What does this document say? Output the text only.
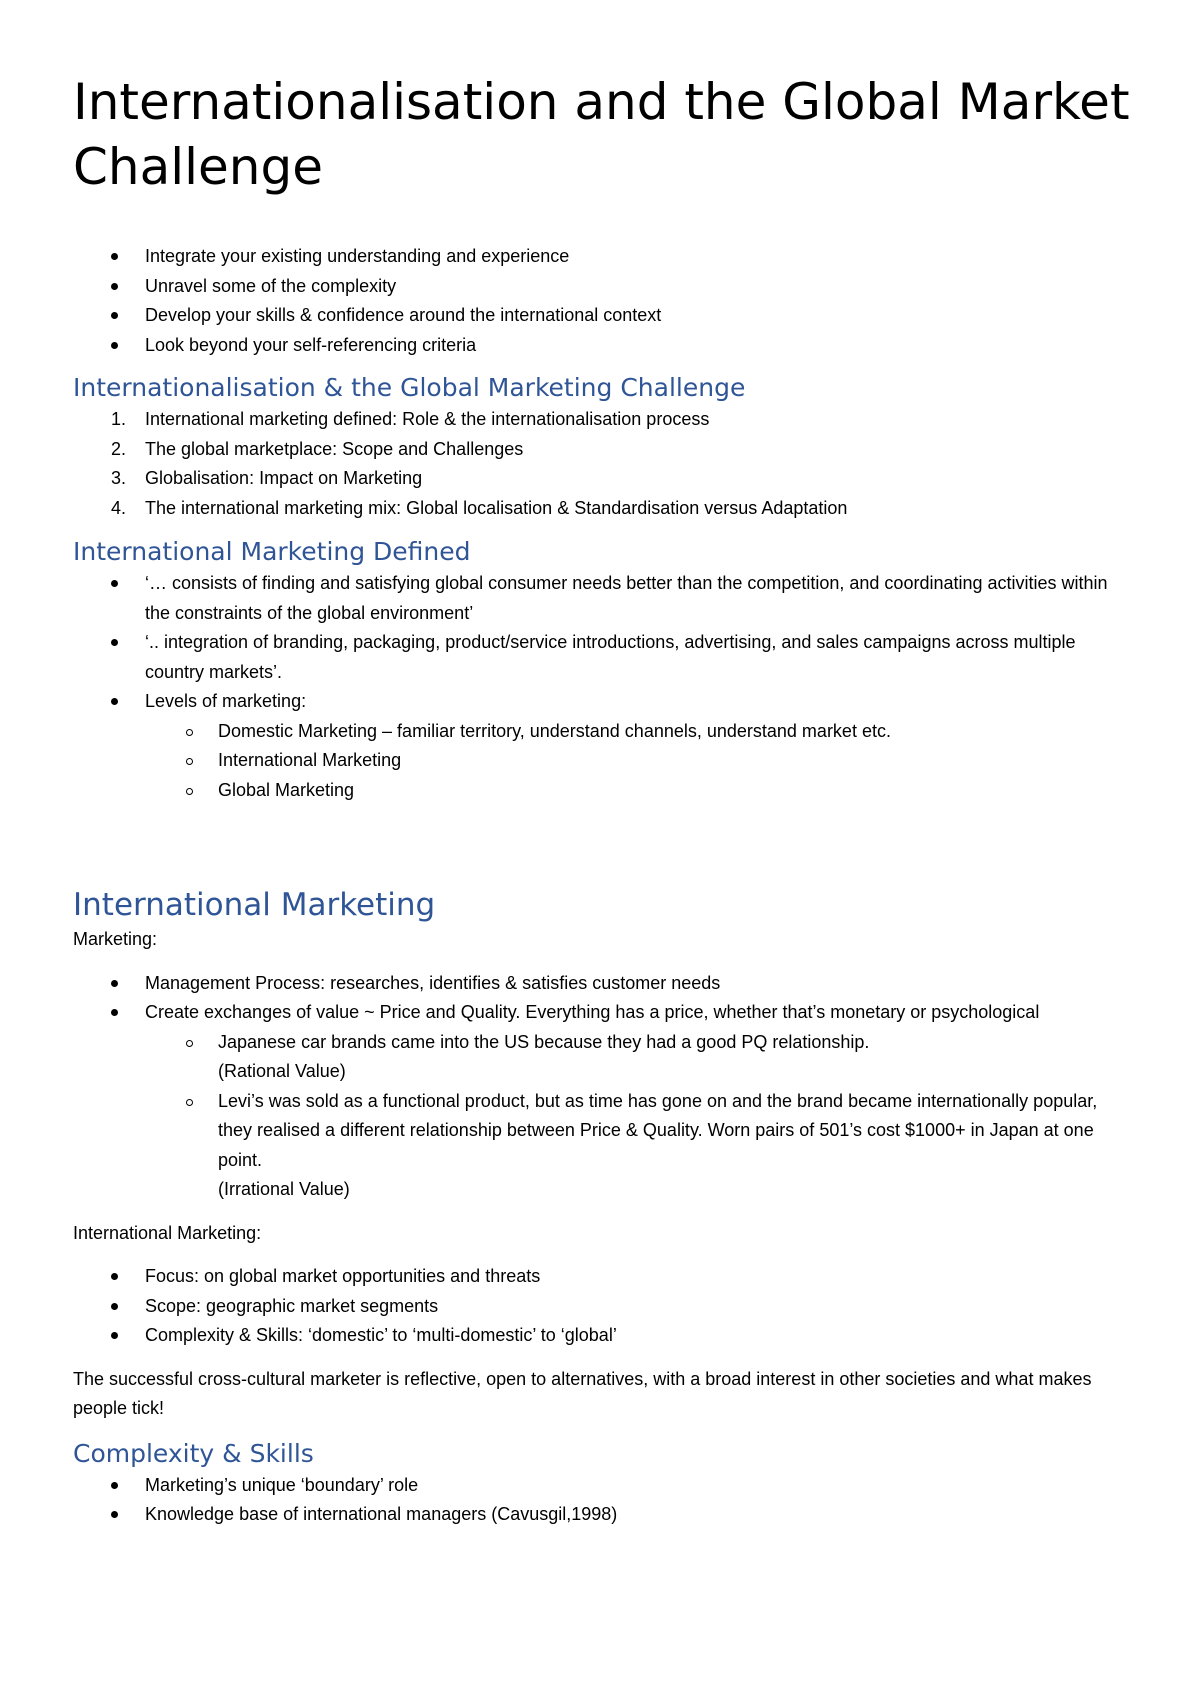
Internationalisation and the Global Market Challenge
Integrate your existing understanding and experience
Unravel some of the complexity
Develop your skills & confidence around the international context
Look beyond your self-referencing criteria
Internationalisation & the Global Marketing Challenge
1. International marketing defined: Role & the internationalisation process
2. The global marketplace: Scope and Challenges
3. Globalisation: Impact on Marketing
4. The international marketing mix: Global localisation & Standardisation versus Adaptation
International Marketing Defined
‘… consists of finding and satisfying global consumer needs better than the competition, and coordinating activities within the constraints of the global environment’
‘.. integration of branding, packaging, product/service introductions, advertising, and sales campaigns across multiple country markets’.
Levels of marketing:
Domestic Marketing – familiar territory, understand channels, understand market etc.
International Marketing
Global Marketing
International Marketing

Marketing:

Management Process: researches, identifies & satisfies customer needs
Create exchanges of value ~ Price and Quality. Everything has a price, whether that’s monetary or psychological
Japanese car brands came into the US because they had a good PQ relationship.
(Rational Value)
Levi’s was sold as a functional product, but as time has gone on and the brand became internationally popular, they realised a different relationship between Price & Quality. Worn pairs of 501’s cost $1000+ in Japan at one point.
(Irrational Value)

International Marketing:

Focus: on global market opportunities and threats
Scope: geographic market segments
Complexity & Skills: ‘domestic’ to ‘multi-domestic’ to ‘global’

The successful cross-cultural marketer is reflective, open to alternatives, with a broad interest in other societies and what makes people tick!

Complexity & Skills
Marketing’s unique ‘boundary’ role
Knowledge base of international managers (Cavusgil,1998)
